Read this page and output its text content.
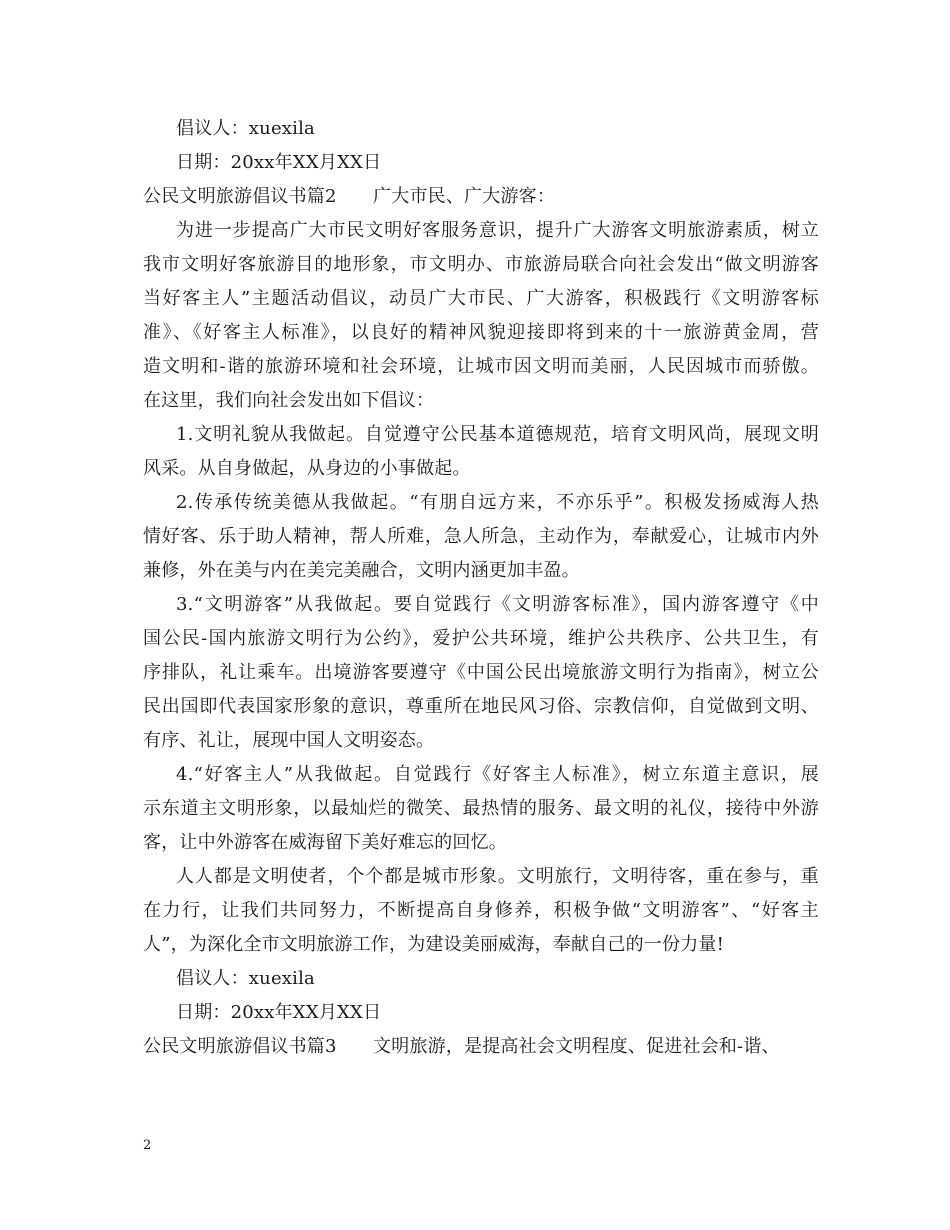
倡议人：xuexila
日期：20xx年XX月XX日
公民文明旅游倡议书篇2　　广大市民、广大游客：
为进一步提高广大市民文明好客服务意识，提升广大游客文明旅游素质，树立
我市文明好客旅游目的地形象，市文明办、市旅游局联合向社会发出“做文明游客
当好客主人”主题活动倡议，动员广大市民、广大游客，积极践行《文明游客标
准》、《好客主人标准》，以良好的精神风貌迎接即将到来的十一旅游黄金周，营
造文明和-谐的旅游环境和社会环境，让城市因文明而美丽，人民因城市而骄傲。
在这里，我们向社会发出如下倡议：
1.文明礼貌从我做起。自觉遵守公民基本道德规范，培育文明风尚，展现文明
风采。从自身做起，从身边的小事做起。
2.传承传统美德从我做起。“有朋自远方来，不亦乐乎”。积极发扬威海人热
情好客、乐于助人精神，帮人所难，急人所急，主动作为，奉献爱心，让城市内外
兼修，外在美与内在美完美融合，文明内涵更加丰盈。
3.“文明游客”从我做起。要自觉践行《文明游客标准》，国内游客遵守《中
国公民-国内旅游文明行为公约》，爱护公共环境，维护公共秩序、公共卫生，有
序排队，礼让乘车。出境游客要遵守《中国公民出境旅游文明行为指南》，树立公
民出国即代表国家形象的意识，尊重所在地民风习俗、宗教信仰，自觉做到文明、
有序、礼让，展现中国人文明姿态。
4.“好客主人”从我做起。自觉践行《好客主人标准》，树立东道主意识，展
示东道主文明形象，以最灿烂的微笑、最热情的服务、最文明的礼仪，接待中外游
客，让中外游客在威海留下美好难忘的回忆。
人人都是文明使者，个个都是城市形象。文明旅行，文明待客，重在参与，重
在力行，让我们共同努力，不断提高自身修养，积极争做“文明游客”、“好客主
人”，为深化全市文明旅游工作，为建设美丽威海，奉献自己的一份力量!
倡议人：xuexila
日期：20xx年XX月XX日
公民文明旅游倡议书篇3　　文明旅游，是提高社会文明程度、促进社会和-谐、
2
